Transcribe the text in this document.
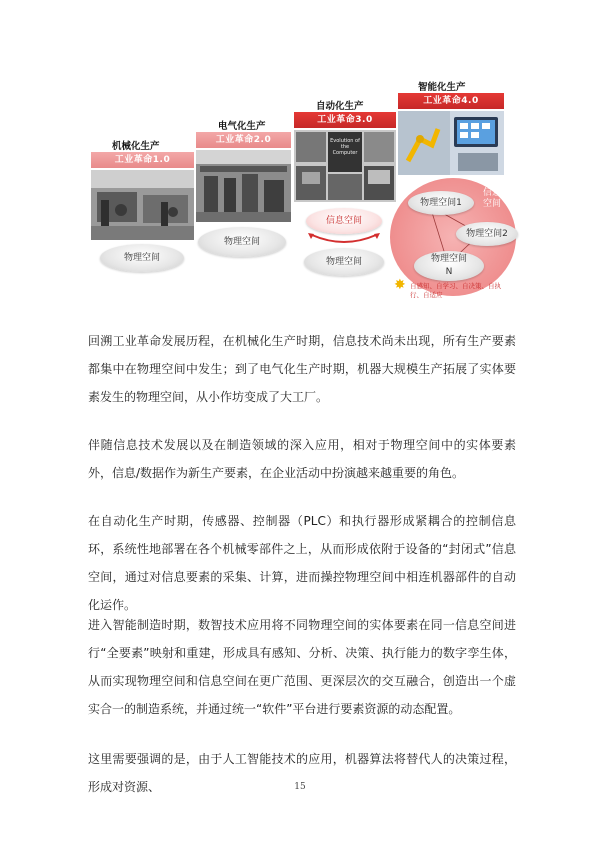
机械化生产
工业革命1.0
物理空间
电气化生产
工业革命2.0
物理空间
自动化生产
工业革命3.0
Evolution of the Computer
信息空间
物理空间
智能化生产
工业革命4.0
信息
空间
物理空间1
物理空间2
物理空间
N
✸ 自感知、自学习、自决策、自执行、自适应

回溯工业革命发展历程，在机械化生产时期，信息技术尚未出现，所有生产要素都集中在物理空间中发生；到了电气化生产时期，机器大规模生产拓展了实体要素发生的物理空间，从小作坊变成了大工厂。

伴随信息技术发展以及在制造领域的深入应用，相对于物理空间中的实体要素外，信息/数据作为新生产要素，在企业活动中扮演越来越重要的角色。

在自动化生产时期，传感器、控制器（PLC）和执行器形成紧耦合的控制信息环，系统性地部署在各个机械零部件之上，从而形成依附于设备的“封闭式”信息空间，通过对信息要素的采集、计算，进而操控物理空间中相连机器部件的自动化运作。

进入智能制造时期，数智技术应用将不同物理空间的实体要素在同一信息空间进行“全要素”映射和重建，形成具有感知、分析、决策、执行能力的数字孪生体，从而实现物理空间和信息空间在更广范围、更深层次的交互融合，创造出一个虚实合一的制造系统，并通过统一“软件”平台进行要素资源的动态配置。

这里需要强调的是，由于人工智能技术的应用，机器算法将替代人的决策过程，形成对资源、	15
